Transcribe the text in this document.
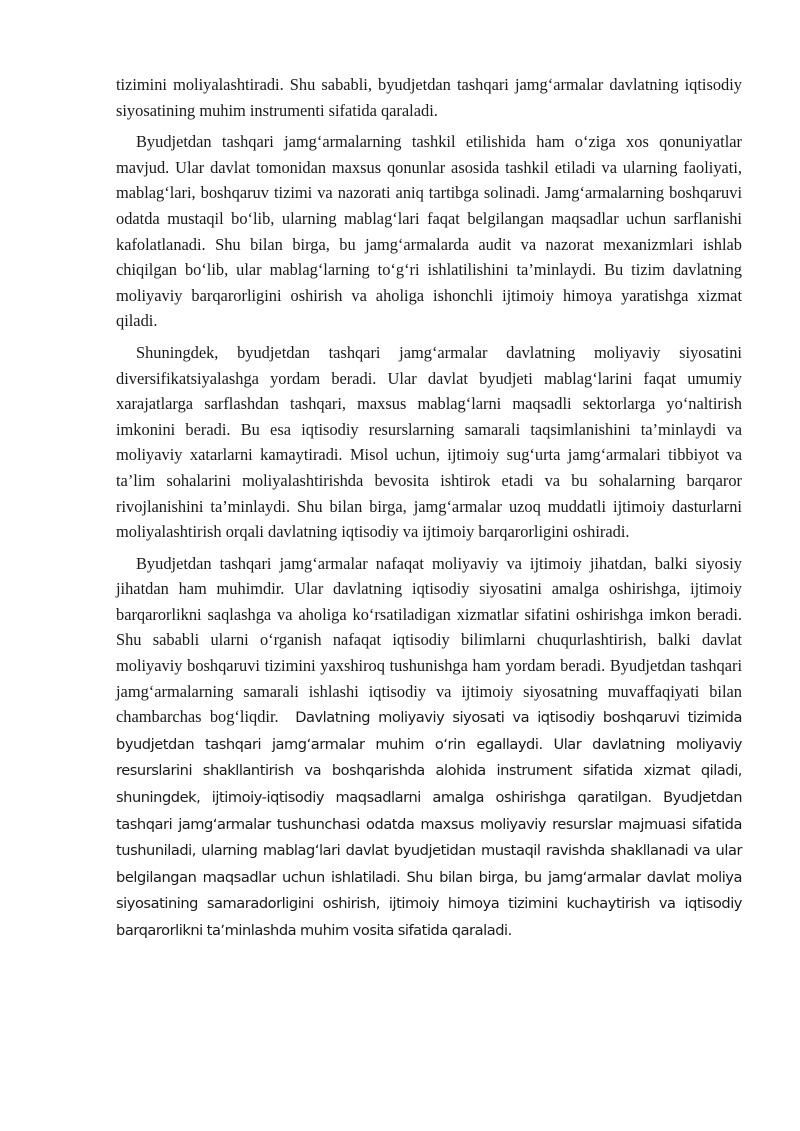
tizimini moliyalashtiradi. Shu sababli, byudjetdan tashqari jamg‘armalar davlatning iqtisodiy siyosatining muhim instrumenti sifatida qaraladi.

Byudjetdan tashqari jamg‘armalarning tashkil etilishida ham o‘ziga xos qonuniyatlar mavjud. Ular davlat tomonidan maxsus qonunlar asosida tashkil etiladi va ularning faoliyati, mablag‘lari, boshqaruv tizimi va nazorati aniq tartibga solinadi. Jamg‘armalarning boshqaruvi odatda mustaqil bo‘lib, ularning mablag‘lari faqat belgilangan maqsadlar uchun sarflanishi kafolatlanadi. Shu bilan birga, bu jamg‘armalarda audit va nazorat mexanizmlari ishlab chiqilgan bo‘lib, ular mablag‘larning to‘g‘ri ishlatilishini ta’minlaydi. Bu tizim davlatning moliyaviy barqarorligini oshirish va aholiga ishonchli ijtimoiy himoya yaratishga xizmat qiladi.

Shuningdek, byudjetdan tashqari jamg‘armalar davlatning moliyaviy siyosatini diversifikatsiyalashga yordam beradi. Ular davlat byudjeti mablag‘larini faqat umumiy xarajatlarga sarflashdan tashqari, maxsus mablag‘larni maqsadli sektorlarga yo‘naltirish imkonini beradi. Bu esa iqtisodiy resurslarning samarali taqsimlanishini ta’minlaydi va moliyaviy xatarlarni kamaytiradi. Misol uchun, ijtimoiy sug‘urta jamg‘armalari tibbiyot va ta’lim sohalarini moliyalashtirishda bevosita ishtirok etadi va bu sohalarning barqaror rivojlanishini ta’minlaydi. Shu bilan birga, jamg‘armalar uzoq muddatli ijtimoiy dasturlarni moliyalashtirish orqali davlatning iqtisodiy va ijtimoiy barqarorligini oshiradi.

Byudjetdan tashqari jamg‘armalar nafaqat moliyaviy va ijtimoiy jihatdan, balki siyosiy jihatdan ham muhimdir. Ular davlatning iqtisodiy siyosatini amalga oshirishga, ijtimoiy barqarorlikni saqlashga va aholiga ko‘rsatiladigan xizmatlar sifatini oshirishga imkon beradi. Shu sababli ularni o‘rganish nafaqat iqtisodiy bilimlarni chuqurlashtirish, balki davlat moliyaviy boshqaruvi tizimini yaxshiroq tushunishga ham yordam beradi. Byudjetdan tashqari jamg‘armalarning samarali ishlashi iqtisodiy va ijtimoiy siyosatning muvaffaqiyati bilan chambarchas bog‘liqdir. Davlatning moliyaviy siyosati va iqtisodiy boshqaruvi tizimida byudjetdan tashqari jamgʻarmalar muhim oʻrin egallaydi. Ular davlatning moliyaviy resurslarini shakllantirish va boshqarishda alohida instrument sifatida xizmat qiladi, shuningdek, ijtimoiy-iqtisodiy maqsadlarni amalga oshirishga qaratilgan. Byudjetdan tashqari jamgʻarmalar tushunchasi odatda maxsus moliyaviy resurslar majmuasi sifatida tushuniladi, ularning mablagʻlari davlat byudjetidan mustaqil ravishda shakllanadi va ular belgilangan maqsadlar uchun ishlatiladi. Shu bilan birga, bu jamgʻarmalar davlat moliya siyosatining samaradorligini oshirish, ijtimoiy himoya tizimini kuchaytirish va iqtisodiy barqarorlikni taʼminlashda muhim vosita sifatida qaraladi.
